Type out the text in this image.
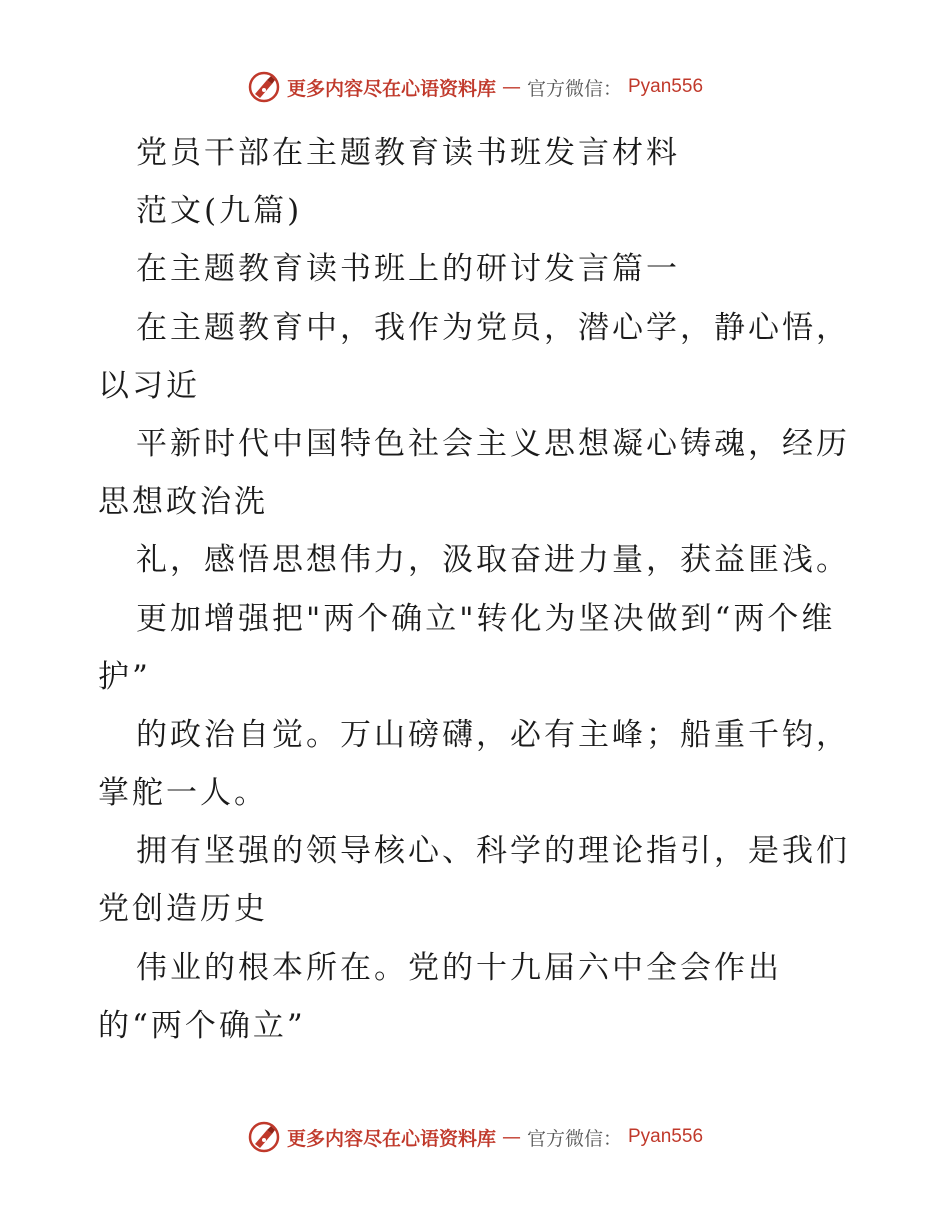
更多内容尽在心语资料库 — 官方微信： Pyan556
党员干部在主题教育读书班发言材料
范文(九篇)
在主题教育读书班上的研讨发言篇一
在主题教育中，我作为党员，潜心学，静心悟，
以习近
平新时代中国特色社会主义思想凝心铸魂，经历
思想政治洗
礼，感悟思想伟力，汲取奋进力量，获益匪浅。
更加增强把"两个确立"转化为坚决做到“两个维
护”
的政治自觉。万山磅礴，必有主峰；船重千钧，
掌舵一人。
拥有坚强的领导核心、科学的理论指引，是我们
党创造历史
伟业的根本所在。党的十九届六中全会作出
的“两个确立”
更多内容尽在心语资料库 — 官方微信： Pyan556
